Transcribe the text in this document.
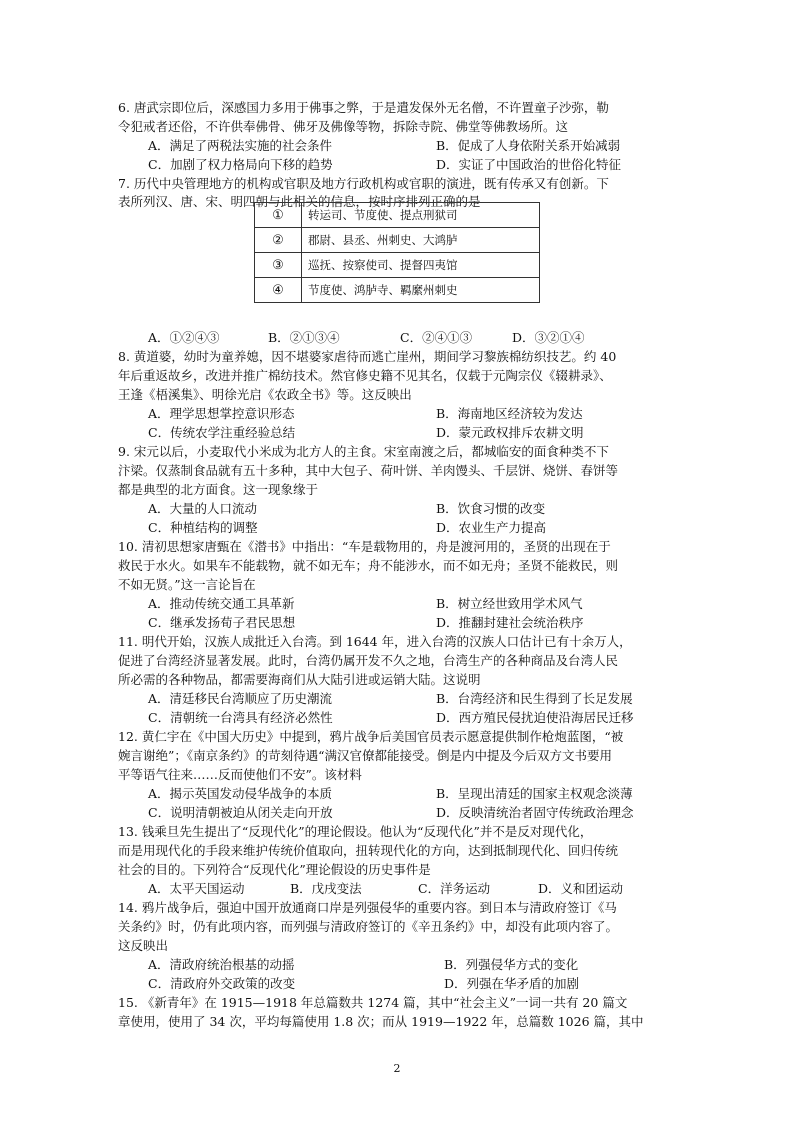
6. 唐武宗即位后，深感国力多用于佛事之弊，于是遣发保外无名僧，不许置童子沙弥，勒
令犯戒者还俗，不许供奉佛骨、佛牙及佛像等物，拆除寺院、佛堂等佛教场所。这
A．满足了两税法实施的社会条件	B．促成了人身依附关系开始减弱
C．加剧了权力格局向下移的趋势	D．实证了中国政治的世俗化特征
7. 历代中央管理地方的机构或官职及地方行政机构或官职的演进，既有传承又有创新。下
表所列汉、唐、宋、明四朝与此相关的信息，按时序排列正确的是
①	转运司、节度使、提点刑狱司
②	郡尉、县丞、州刺史、大鸿胪
③	巡抚、按察使司、提督四夷馆
④	节度使、鸿胪寺、羁縻州刺史
A．①②④③	B．②①③④	C．②④①③	D．③②①④
8. 黄道婆，幼时为童养媳，因不堪婆家虐待而逃亡崖州，期间学习黎族棉纺织技艺。约 40
年后重返故乡，改进并推广棉纺技术。然官修史籍不见其名，仅载于元陶宗仪《辍耕录》、
王逢《梧溪集》、明徐光启《农政全书》等。这反映出
A．理学思想掌控意识形态	B．海南地区经济较为发达
C．传统农学注重经验总结	D．蒙元政权排斥农耕文明
9. 宋元以后，小麦取代小米成为北方人的主食。宋室南渡之后，都城临安的面食种类不下
汴梁。仅蒸制食品就有五十多种，其中大包子、荷叶饼、羊肉馒头、千层饼、烧饼、春饼等
都是典型的北方面食。这一现象缘于
A．大量的人口流动	B．饮食习惯的改变
C．种植结构的调整	D．农业生产力提高
10. 清初思想家唐甄在《潜书》中指出：“车是载物用的，舟是渡河用的，圣贤的出现在于
救民于水火。如果车不能载物，就不如无车；舟不能涉水，而不如无舟；圣贤不能救民，则
不如无贤。”这一言论旨在
A．推动传统交通工具革新	B．树立经世致用学术风气
C．继承发扬荀子君民思想	D．推翻封建社会统治秩序
11. 明代开始，汉族人成批迁入台湾。到 1644 年，进入台湾的汉族人口估计已有十余万人，
促进了台湾经济显著发展。此时，台湾仍属开发不久之地，台湾生产的各种商品及台湾人民
所必需的各种物品，都需要海商们从大陆引进或运销大陆。这说明
A．清廷移民台湾顺应了历史潮流	B．台湾经济和民生得到了长足发展
C．清朝统一台湾具有经济必然性	D．西方殖民侵扰迫使沿海居民迁移
12. 黄仁宇在《中国大历史》中提到，鸦片战争后美国官员表示愿意提供制作枪炮蓝图，“被
婉言谢绝”；《南京条约》的苛刻待遇“满汉官僚都能接受。倒是内中提及今后双方文书要用
平等语气往来……反而使他们不安”。该材料
A．揭示英国发动侵华战争的本质	B．呈现出清廷的国家主权观念淡薄
C．说明清朝被迫从闭关走向开放	D．反映清统治者固守传统政治理念
13. 钱乘旦先生提出了“反现代化”的理论假设。他认为“反现代化”并不是反对现代化，
而是用现代化的手段来维护传统价值取向，扭转现代化的方向，达到抵制现代化、回归传统
社会的目的。下列符合“反现代化”理论假设的历史事件是
A．太平天国运动	B．戊戌变法	C．洋务运动	D．义和团运动
14. 鸦片战争后，强迫中国开放通商口岸是列强侵华的重要内容。到日本与清政府签订《马
关条约》时，仍有此项内容，而列强与清政府签订的《辛丑条约》中，却没有此项内容了。
这反映出
A．清政府统治根基的动摇	B．列强侵华方式的变化
C．清政府外交政策的改变	D．列强在华矛盾的加剧
15. 《新青年》在 1915—1918 年总篇数共 1274 篇，其中“社会主义”一词一共有 20 篇文
章使用，使用了 34 次，平均每篇使用 1.8 次；而从 1919—1922 年，总篇数 1026 篇，其中
2
